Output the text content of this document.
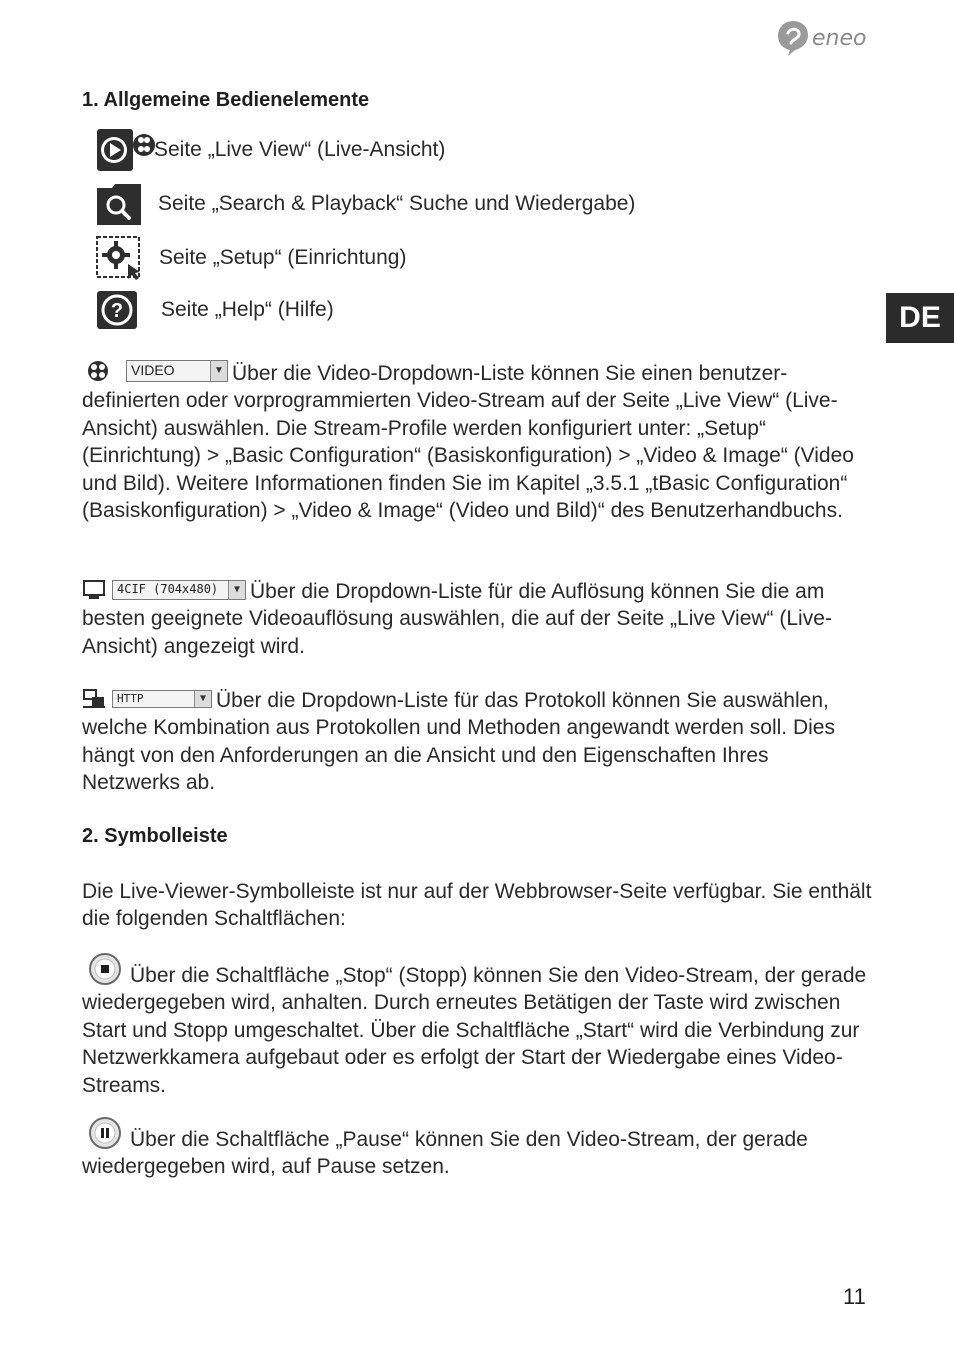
eneo
DE
1. Allgemeine Bedienelemente
Seite „Live View“ (Live-Ansicht)
Seite „Search & Playback“ Suche und Wiedergabe)
Seite „Setup“ (Einrichtung)
? Seite „Help“ (Hilfe)

VIDEO	▼ Über die Video-Dropdown-Liste können Sie einen benutzer-definierten oder vorprogrammierten Video-Stream auf der Seite „Live View“ (Live-Ansicht) auswählen. Die Stream-Profile werden konfiguriert unter: „Setup“ (Einrichtung) > „Basic Configuration“ (Basiskonfiguration) > „Video & Image“ (Video und Bild). Weitere Informationen finden Sie im Kapitel „3.5.1 „tBasic Configuration“ (Basiskonfiguration) > „Video & Image“ (Video und Bild)“ des Benutzerhandbuchs.

4CIF (704x480)	▼ Über die Dropdown-Liste für die Auflösung können Sie die am besten geeignete Videoauflösung auswählen, die auf der Seite „Live View“ (Live-Ansicht) angezeigt wird.

HTTP	▼ Über die Dropdown-Liste für das Protokoll können Sie auswählen, welche Kombination aus Protokollen und Methoden angewandt werden soll. Dies hängt von den Anforderungen an die Ansicht und den Eigenschaften Ihres Netzwerks ab.

2. Symbolleiste

Die Live-Viewer-Symbolleiste ist nur auf der Webbrowser-Seite verfügbar. Sie enthält die folgenden Schaltflächen:

Über die Schaltfläche „Stop“ (Stopp) können Sie den Video-Stream, der gerade wiedergegeben wird, anhalten. Durch erneutes Betätigen der Taste wird zwischen Start und Stopp umgeschaltet. Über die Schaltfläche „Start“ wird die Verbindung zur Netzwerkkamera aufgebaut oder es erfolgt der Start der Wiedergabe eines Video-Streams.

Über die Schaltfläche „Pause“ können Sie den Video-Stream, der gerade wiedergegeben wird, auf Pause setzen.

11
